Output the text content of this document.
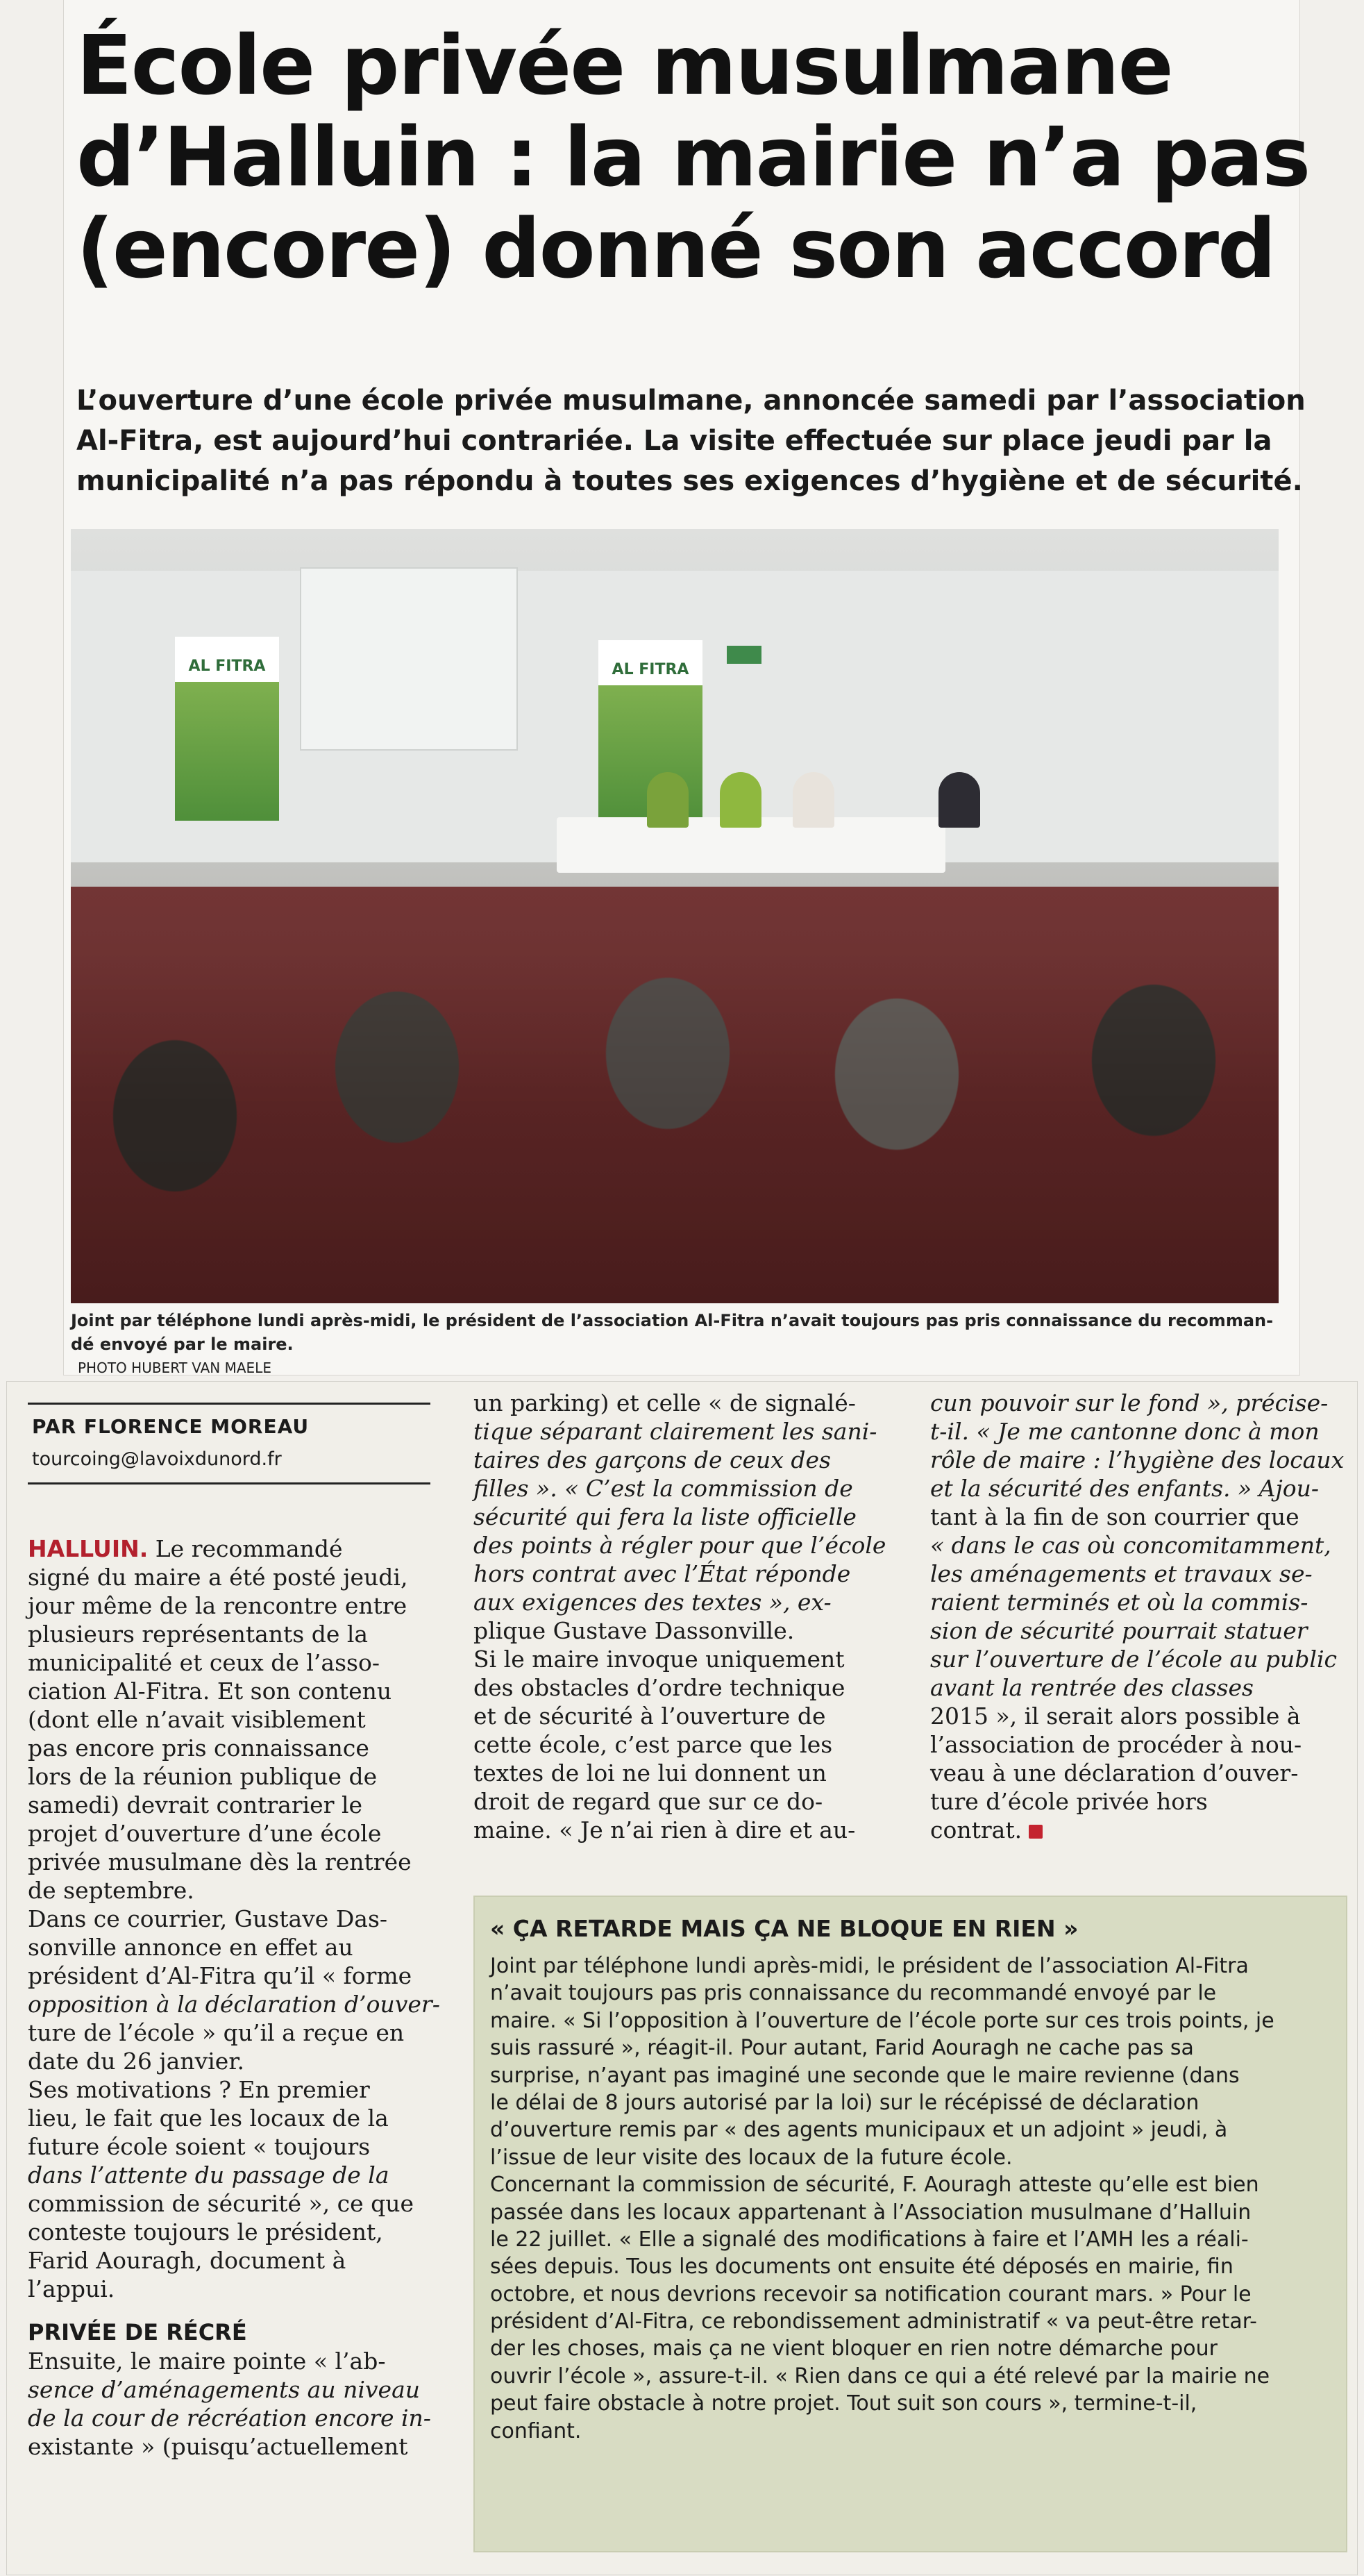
École privée musulmane
d’Halluin : la mairie n’a pas
(encore) donné son accord
L’ouverture d’une école privée musulmane, annoncée samedi par l’association
Al-Fitra, est aujourd’hui contrariée. La visite effectuée sur place jeudi par la
municipalité n’a pas répondu à toutes ses exigences d’hygiène et de sécurité.
AL FITRA	AL FITRA
Joint par téléphone lundi après-midi, le président de l’association Al-Fitra n’avait toujours pas pris connaissance du recomman-
dé envoyé par le maire.
PHOTO HUBERT VAN MAELE
PAR FLORENCE MOREAU
tourcoing@lavoixdunord.fr
HALLUIN. Le recommandé
signé du maire a été posté jeudi,
jour même de la rencontre entre
plusieurs représentants de la
municipalité et ceux de l’asso-
ciation Al-Fitra. Et son contenu
(dont elle n’avait visiblement
pas encore pris connaissance
lors de la réunion publique de
samedi) devrait contrarier le
projet d’ouverture d’une école
privée musulmane dès la rentrée
de septembre.
Dans ce courrier, Gustave Das-
sonville annonce en effet au
président d’Al-Fitra qu’il « forme
opposition à la déclaration d’ouver-
ture de l’école » qu’il a reçue en
date du 26 janvier.
Ses motivations ? En premier
lieu, le fait que les locaux de la
future école soient « toujours
dans l’attente du passage de la
commission de sécurité », ce que
conteste toujours le président,
Farid Aouragh, document à
l’appui.
PRIVÉE DE RÉCRÉ
Ensuite, le maire pointe « l’ab-
sence d’aménagements au niveau
de la cour de récréation encore in-
existante » (puisqu’actuellement
un parking) et celle « de signalé-
tique séparant clairement les sani-
taires des garçons de ceux des
filles ». « C’est la commission de
sécurité qui fera la liste officielle
des points à régler pour que l’école
hors contrat avec l’État réponde
aux exigences des textes », ex-
plique Gustave Dassonville.
Si le maire invoque uniquement
des obstacles d’ordre technique
et de sécurité à l’ouverture de
cette école, c’est parce que les
textes de loi ne lui donnent un
droit de regard que sur ce do-
maine. « Je n’ai rien à dire et au-
cun pouvoir sur le fond », précise-
t-il. « Je me cantonne donc à mon
rôle de maire : l’hygiène des locaux
et la sécurité des enfants. » Ajou-
tant à la fin de son courrier que
« dans le cas où concomitamment,
les aménagements et travaux se-
raient terminés et où la commis-
sion de sécurité pourrait statuer
sur l’ouverture de l’école au public
avant la rentrée des classes
2015 », il serait alors possible à
l’association de procéder à nou-
veau à une déclaration d’ouver-
ture d’école privée hors
contrat.
« ÇA RETARDE MAIS ÇA NE BLOQUE EN RIEN »
Joint par téléphone lundi après-midi, le président de l’association Al-Fitra
n’avait toujours pas pris connaissance du recommandé envoyé par le
maire. « Si l’opposition à l’ouverture de l’école porte sur ces trois points, je
suis rassuré », réagit-il. Pour autant, Farid Aouragh ne cache pas sa
surprise, n’ayant pas imaginé une seconde que le maire revienne (dans
le délai de 8 jours autorisé par la loi) sur le récépissé de déclaration
d’ouverture remis par « des agents municipaux et un adjoint » jeudi, à
l’issue de leur visite des locaux de la future école.
Concernant la commission de sécurité, F. Aouragh atteste qu’elle est bien
passée dans les locaux appartenant à l’Association musulmane d’Halluin
le 22 juillet. « Elle a signalé des modifications à faire et l’AMH les a réali-
sées depuis. Tous les documents ont ensuite été déposés en mairie, fin
octobre, et nous devrions recevoir sa notification courant mars. » Pour le
président d’Al-Fitra, ce rebondissement administratif « va peut-être retar-
der les choses, mais ça ne vient bloquer en rien notre démarche pour
ouvrir l’école », assure-t-il. « Rien dans ce qui a été relevé par la mairie ne
peut faire obstacle à notre projet. Tout suit son cours », termine-t-il,
confiant.
